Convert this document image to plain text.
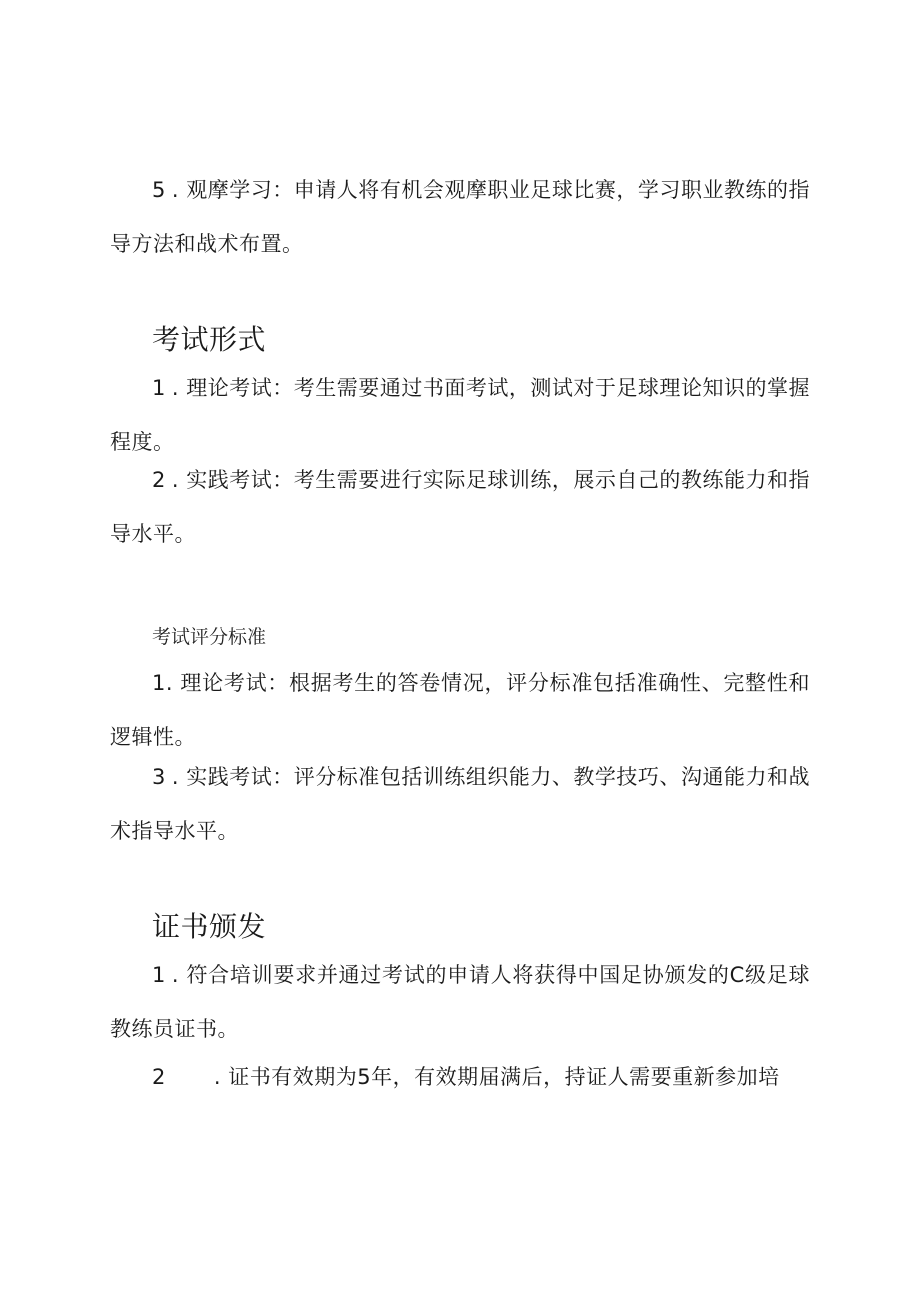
5 . 观摩学习：申请人将有机会观摩职业足球比赛，学习职业教练的指导方法和战术布置。

考试形式

1 . 理论考试：考生需要通过书面考试，测试对于足球理论知识的掌握程度。

2 . 实践考试：考生需要进行实际足球训练，展示自己的教练能力和指导水平。

考试评分标准

1. 理论考试：根据考生的答卷情况，评分标准包括准确性、完整性和逻辑性。

3 . 实践考试：评分标准包括训练组织能力、教学技巧、沟通能力和战术指导水平。

证书颁发

1 . 符合培训要求并通过考试的申请人将获得中国足协颁发的C级足球教练员证书。

2 . 证书有效期为5年，有效期届满后，持证人需要重新参加培
